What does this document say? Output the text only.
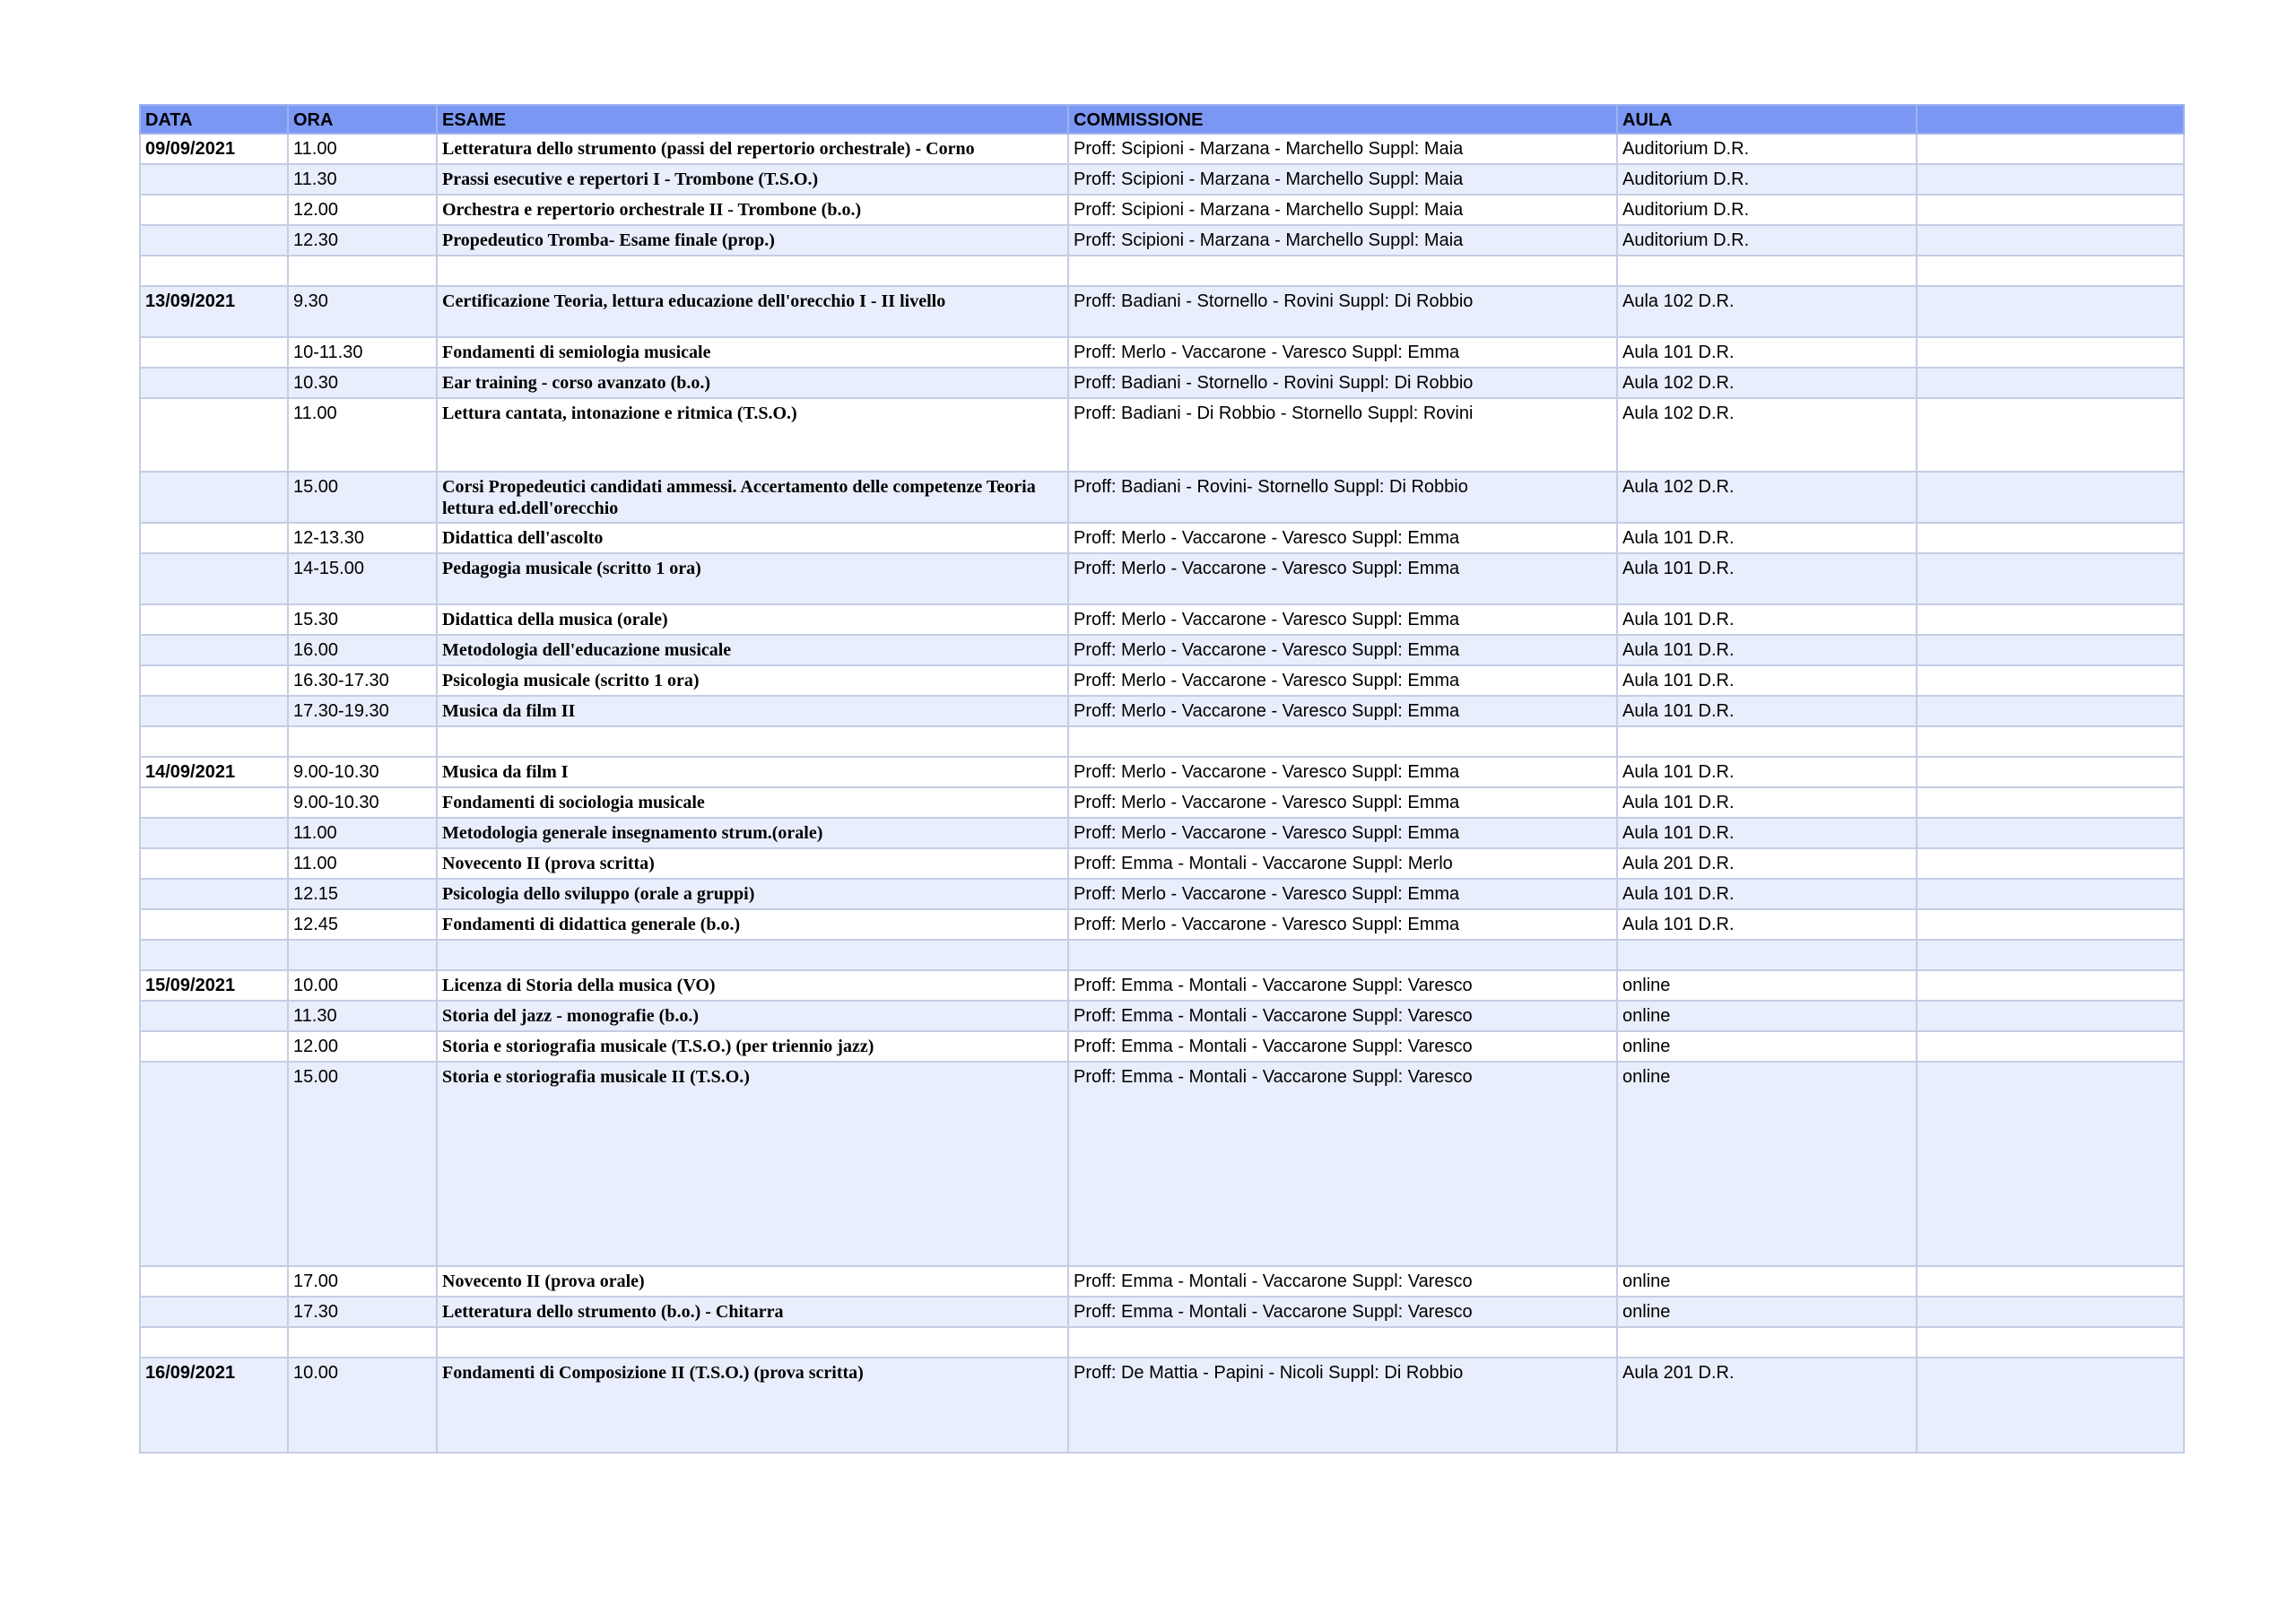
DATA	ORA	ESAME	COMMISSIONE	AULA	
09/09/2021	11.00	Letteratura dello strumento (passi del repertorio orchestrale) - Corno	Proff: Scipioni - Marzana - Marchello Suppl: Maia	Auditorium D.R.	
	11.30	Prassi esecutive e repertori I - Trombone (T.S.O.)	Proff: Scipioni - Marzana - Marchello Suppl: Maia	Auditorium D.R.	
	12.00	Orchestra e repertorio orchestrale II - Trombone (b.o.)	Proff: Scipioni - Marzana - Marchello Suppl: Maia	Auditorium D.R.	
	12.30	Propedeutico Tromba- Esame finale (prop.)	Proff: Scipioni - Marzana - Marchello Suppl: Maia	Auditorium D.R.	

13/09/2021	9.30	Certificazione Teoria, lettura educazione dell'orecchio I - II livello	Proff: Badiani - Stornello - Rovini Suppl: Di Robbio	Aula 102 D.R.	
	10-11.30	Fondamenti di semiologia musicale	Proff: Merlo - Vaccarone - Varesco Suppl: Emma	Aula 101 D.R.	
	10.30	Ear training - corso avanzato (b.o.)	Proff: Badiani - Stornello - Rovini Suppl: Di Robbio	Aula 102 D.R.	
	11.00	Lettura cantata, intonazione e ritmica (T.S.O.)	Proff: Badiani - Di Robbio - Stornello Suppl: Rovini	Aula 102 D.R.	
	15.00	Corsi Propedeutici candidati ammessi. Accertamento delle competenze Teoria lettura ed.dell'orecchio	Proff: Badiani - Rovini- Stornello Suppl: Di Robbio	Aula 102 D.R.	
	12-13.30	Didattica dell'ascolto	Proff: Merlo - Vaccarone - Varesco Suppl: Emma	Aula 101 D.R.	
	14-15.00	Pedagogia musicale (scritto 1 ora)	Proff: Merlo - Vaccarone - Varesco Suppl: Emma	Aula 101 D.R.	
	15.30	Didattica della musica (orale)	Proff: Merlo - Vaccarone - Varesco Suppl: Emma	Aula 101 D.R.	
	16.00	Metodologia dell'educazione musicale	Proff: Merlo - Vaccarone - Varesco Suppl: Emma	Aula 101 D.R.	
	16.30-17.30	Psicologia musicale (scritto 1 ora)	Proff: Merlo - Vaccarone - Varesco Suppl: Emma	Aula 101 D.R.	
	17.30-19.30	Musica da film II	Proff: Merlo - Vaccarone - Varesco Suppl: Emma	Aula 101 D.R.	

14/09/2021	9.00-10.30	Musica da film I	Proff: Merlo - Vaccarone - Varesco Suppl: Emma	Aula 101 D.R.	
	9.00-10.30	Fondamenti di sociologia musicale	Proff: Merlo - Vaccarone - Varesco Suppl: Emma	Aula 101 D.R.	
	11.00	Metodologia generale insegnamento strum.(orale)	Proff: Merlo - Vaccarone - Varesco Suppl: Emma	Aula 101 D.R.	
	11.00	Novecento II (prova scritta)	Proff: Emma - Montali - Vaccarone Suppl: Merlo	Aula 201 D.R.	
	12.15	Psicologia dello sviluppo (orale a gruppi)	Proff: Merlo - Vaccarone - Varesco Suppl: Emma	Aula 101 D.R.	
	12.45	Fondamenti di didattica generale (b.o.)	Proff: Merlo - Vaccarone - Varesco Suppl: Emma	Aula 101 D.R.	

15/09/2021	10.00	Licenza di Storia della musica (VO)	Proff: Emma - Montali - Vaccarone Suppl: Varesco	online	
	11.30	Storia del jazz - monografie (b.o.)	Proff: Emma - Montali - Vaccarone Suppl: Varesco	online	
	12.00	Storia e storiografia musicale (T.S.O.) (per triennio jazz)	Proff: Emma - Montali - Vaccarone Suppl: Varesco	online	
	15.00	Storia e storiografia musicale II (T.S.O.)	Proff: Emma - Montali - Vaccarone Suppl: Varesco	online	
	17.00	Novecento II (prova orale)	Proff: Emma - Montali - Vaccarone Suppl: Varesco	online	
	17.30	Letteratura dello strumento (b.o.) - Chitarra	Proff: Emma - Montali - Vaccarone Suppl: Varesco	online	

16/09/2021	10.00	Fondamenti di Composizione II (T.S.O.) (prova scritta)	Proff: De Mattia - Papini - Nicoli Suppl: Di Robbio	Aula 201 D.R.	
